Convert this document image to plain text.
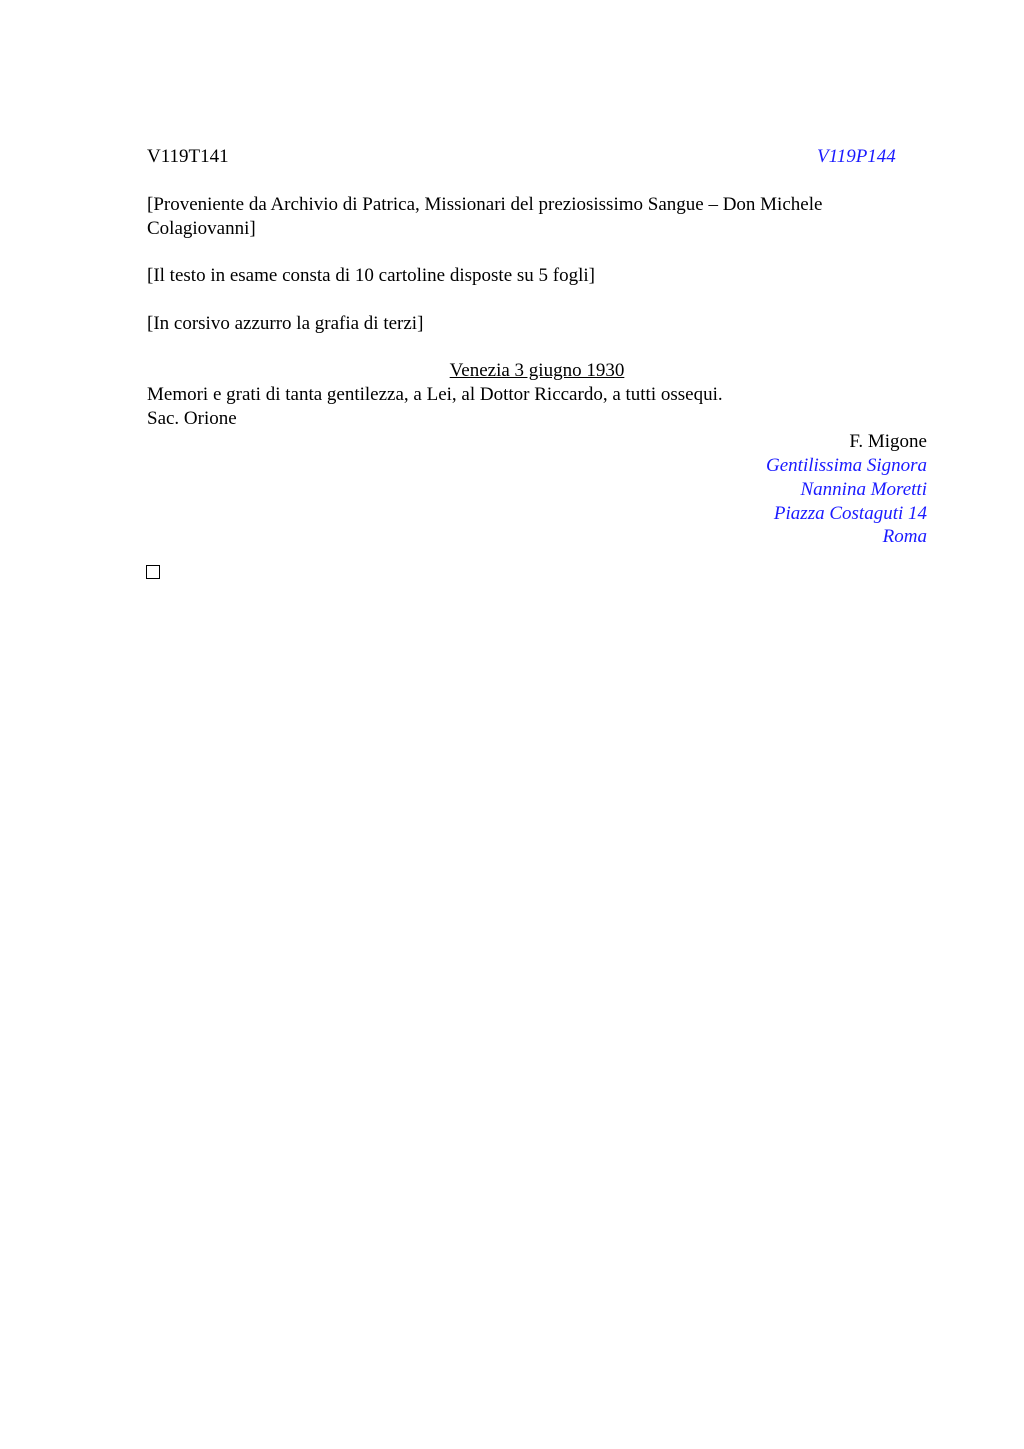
V119T141	V119P144
[Proveniente da Archivio di Patrica, Missionari del preziosissimo Sangue – Don Michele
Colagiovanni]
[Il testo in esame consta di 10 cartoline disposte su 5 fogli]
[In corsivo azzurro la grafia di terzi]
Venezia 3 giugno 1930
Memori e grati di tanta gentilezza, a Lei, al Dottor Riccardo, a tutti ossequi.
Sac. Orione
F. Migone
Gentilissima Signora
Nannina Moretti
Piazza Costaguti 14
Roma
